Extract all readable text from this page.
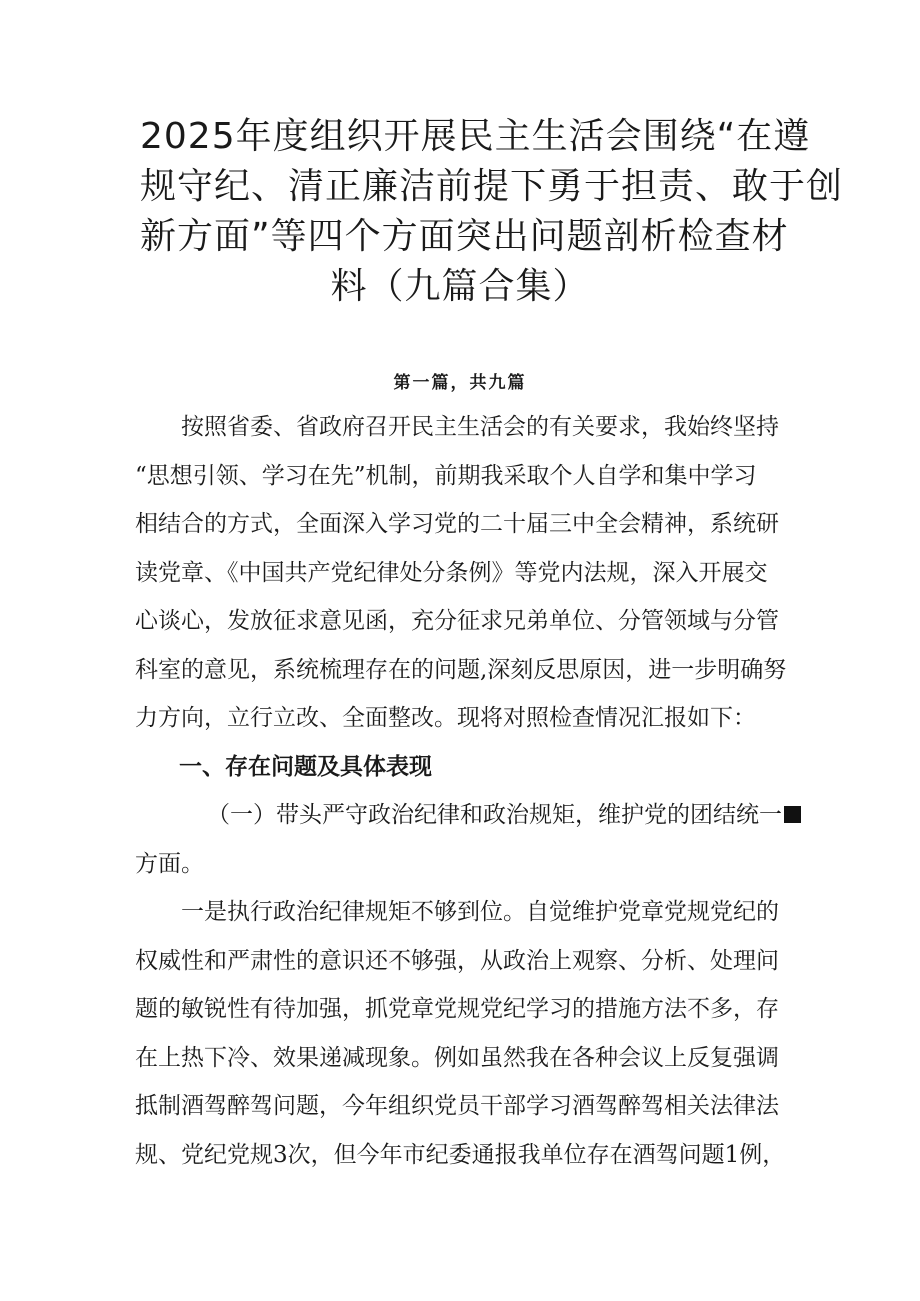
2025年度组织开展民主生活会围绕“在遵
规守纪、清正廉洁前提下勇于担责、敢于创
新方面”等四个方面突出问题剖析检查材
料（九篇合集）

第一篇，共九篇

按照省委、省政府召开民主生活会的有关要求，我始终坚持
“思想引领、学习在先”机制，前期我采取个人自学和集中学习
相结合的方式，全面深入学习党的二十届三中全会精神，系统研
读党章、《中国共产党纪律处分条例》等党内法规，深入开展交
心谈心，发放征求意见函，充分征求兄弟单位、分管领域与分管
科室的意见，系统梳理存在的问题,深刻反思原因，进一步明确努
力方向，立行立改、全面整改。现将对照检查情况汇报如下：

一、存在问题及具体表现

（一）带头严守政治纪律和政治规矩，维护党的团结统一
方面。

一是执行政治纪律规矩不够到位。自觉维护党章党规党纪的
权威性和严肃性的意识还不够强，从政治上观察、分析、处理问
题的敏锐性有待加强，抓党章党规党纪学习的措施方法不多，存
在上热下冷、效果递减现象。例如虽然我在各种会议上反复强调
抵制酒驾醉驾问题，今年组织党员干部学习酒驾醉驾相关法律法
规、党纪党规3次，但今年市纪委通报我单位存在酒驾问题1例，
